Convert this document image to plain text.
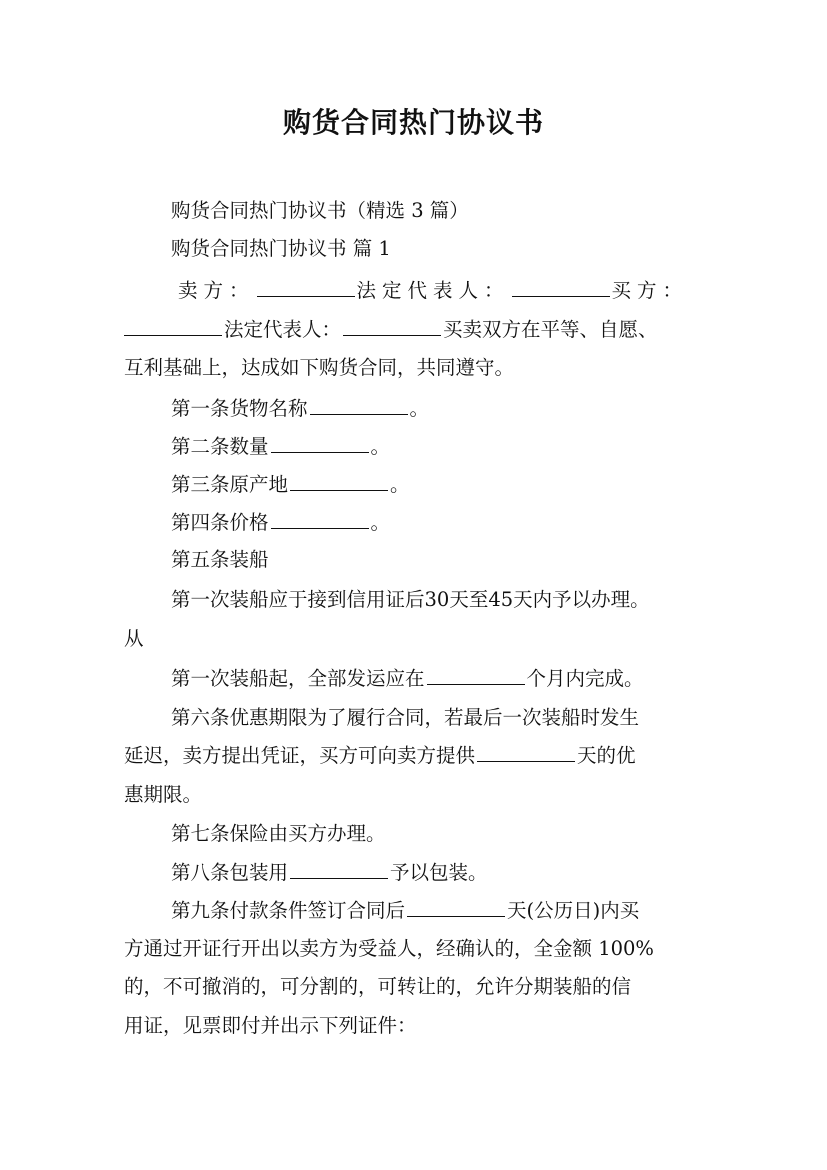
购货合同热门协议书
购货合同热门协议书（精选 3 篇）
购货合同热门协议书 篇 1
卖方：	法定代表人：	买方：
法定代表人：	买卖双方在平等、自愿、
互利基础上，达成如下购货合同，共同遵守。
第一条货物名称	。
第二条数量	。
第三条原产地	。
第四条价格	。
第五条装船
第一次装船应于接到信用证后30天至45天内予以办理。
从
第一次装船起，全部发运应在	个月内完成。
第六条优惠期限为了履行合同，若最后一次装船时发生
延迟，卖方提出凭证，买方可向卖方提供	天的优
惠期限。
第七条保险由买方办理。
第八条包装用	予以包装。
第九条付款条件签订合同后	天(公历日)内买
方通过开证行开出以卖方为受益人，经确认的，全金额 100%
的，不可撤消的，可分割的，可转让的，允许分期装船的信
用证，见票即付并出示下列证件：
